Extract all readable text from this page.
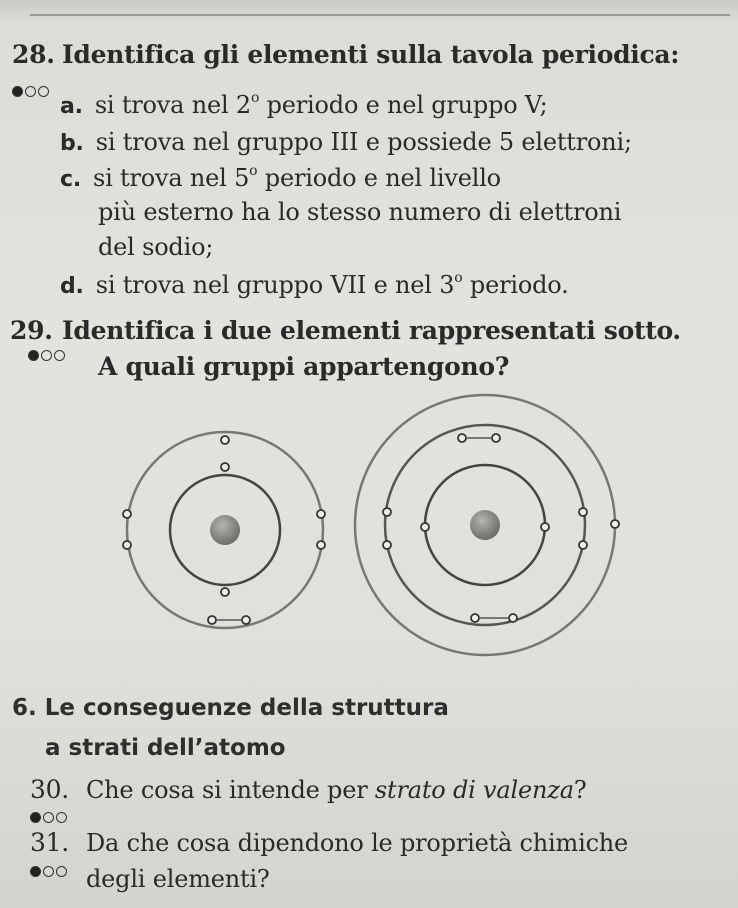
28. Identifica gli elementi sulla tavola periodica:
a. si trova nel 2$^o$ periodo e nel gruppo V;
b. si trova nel gruppo III e possiede 5 elettroni;
c. si trova nel 5$^o$ periodo e nel livello
più esterno ha lo stesso numero di elettroni
del sodio;
d. si trova nel gruppo VII e nel 3$^o$ periodo.
29. Identifica i due elementi rappresentati sotto.
A quali gruppi appartengono?
6. Le conseguenze della struttura
a strati dell’atomo
30. Che cosa si intende per strato di valenza?
31. Da che cosa dipendono le proprietà chimiche
degli elementi?
